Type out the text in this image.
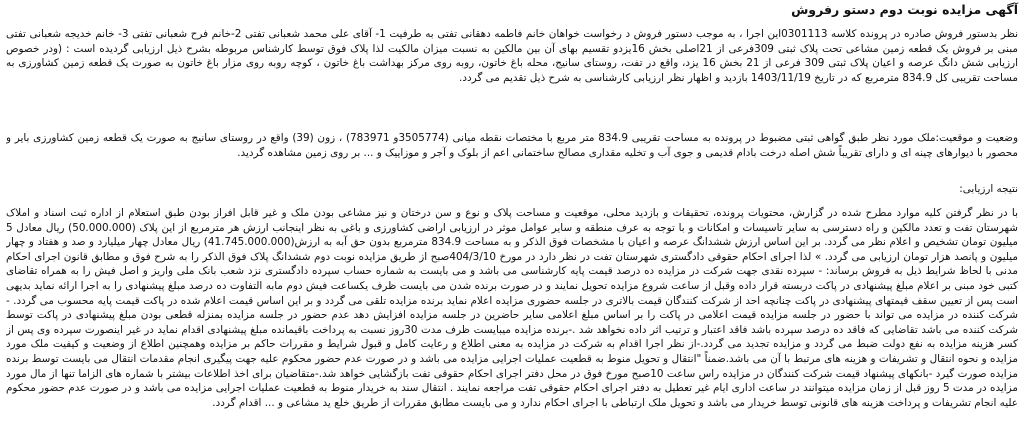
آگهی مزایده نوبت دوم دستو رفروش
نظر بدستور فروش صادره در پرونده کلاسه 0301113این اجرا ، به موجب دستور فروش د رخواست خواهان خانم فاطمه دهقانی تفتی به طرفیت 1- آقای علی محمد شعبانی تفتی 2-خانم فرح شعبانی تفتی 3- خانم خدیجه شعبانی تفتی مبنی بر فروش یک قطعه زمین مشاعی تحت پلاک ثبتی 309فرعی از 21اصلی بخش 16یزدو تقسیم بهای آن بین مالکین به نسبت میزان مالکیت لذا پلاک فوق توسط کارشناس مربوطه بشرح ذیل ارزیابی گردیده است : (ودر خصوص ارزیابی شش دانگ عرصه و اعیان پلاک ثبتی 309 فرعی از 21 بخش 16 یزد، واقع در تفت، روستای سانیج، محله باغ خاتون، روبه روی مرکز بهداشت باغ خاتون ، کوچه روبه روی مزار باغ خاتون به صورت یک قطعه زمین کشاورزی به مساحت تقریبی کل 834.9 مترمربع که در تاریخ 1403/11/19 بازدید و اظهار نظر ارزیابی کارشناسی به شرح ذیل تقدیم می گردد.
وضعیت و موقعیت:ملک مورد نظر طبق گواهی ثبتی مضبوط در پرونده به مساحت تقریبی 834.9 متر مربع با مختصات نقطه میانی (3505774و 783971) ، زون (39) واقع در روستای سانیج به صورت یک قطعه زمین کشاورزی بایر و محصور با دیوارهای چینه ای و دارای تقریباً شش اصله درخت بادام قدیمی و جوی آب و تخلیه مقداری مصالح ساختمانی اعم از بلوک و آجر و موزاییک و ... بر روی زمین مشاهده گردید.
نتیجه ارزیابی:
با در نظر گرفتن کلیه موارد مطرح شده در گزارش، محتویات پرونده، تحقیقات و بازدید محلی، موقعیت و مساحت پلاک و نوع و سن درختان و نیز مشاعی بودن ملک و غیر قابل افراز بودن طبق استعلام از اداره ثبت اسناد و املاک شهرستان تفت و تعدد مالکین و راه دسترسی به سایر تاسیسات و امکانات و با توجه به عرف منطقه و سایر عوامل موثر در ارزیابی اراضی کشاورزی و باغی به نظر اینجانب ارزش هر مترمربع از این پلاک (50.000.000) ریال معادل 5 میلیون تومان تشخیص و اعلام نظر می گردد. بر این اساس ارزش ششدانگ عرصه و اعیان با مشخصات فوق الذکر و به مساحت 834.9 مترمربع بدون حق آبه به ارزش(41.745.000.000) ریال معادل چهار میلیارد و صد و هفتاد و چهار میلیون و پانصد هزار تومان ارزیابی می گردد. » لذا اجرای احکام حقوقی دادگستری شهرستان تفت در نظر دارد در مورخ 404/3/10صبح از طریق مزایده نوبت دوم ششدانگ پلاک فوق الذکر را به شرح فوق و مطابق قانون اجرای احکام مدنی با لحاظ شرایط ذیل به فروش برساند: - سپرده نقدی جهت شرکت در مزایده ده درصد قیمت پایه کارشناسی می باشد و می بایست به شماره حساب سپرده دادگستری نزد شعب بانک ملی واریز و اصل فیش را به همراه تقاضای کتبی خود مبنی بر اعلام مبلغ پیشنهادی در پاکت دربسته قرار داده وقبل از ساعت شروع مزایده تحویل نمایند و در صورت برنده شدن می بایست ظرف یکساعت فیش دوم مابه التفاوت ده درصد مبلغ پیشنهادی را به اجرا ارائه نماید بدیهی است پس از تعیین سقف قیمتهای پیشنهادی در پاکت چنانچه احد از شرکت کنندگان قیمت بالاتری در جلسه حضوری مزایده اعلام نماید برنده مزایده تلقی می گردد و بر این اساس قیمت اعلام شده در پاکت قیمت پایه محسوب می گردد. - شرکت کننده در مزایده می تواند با حضور در جلسه مزایده قیمت اعلامی در پاکت را بر اساس مبلغ اعلامی سایر حاضرین در جلسه مزایده افزایش دهد عدم حضور در جلسه مزایده بمنزله قطعی بودن مبلغ پیشنهادی در پاکت توسط شرکت کننده می باشد تقاضایی که فاقد ده درصد سپرده باشد فاقد اعتبار و ترتیب اثر داده نخواهد شد .-برنده مزایده میبایست ظرف مدت 30روز نسبت به پرداخت باقیمانده مبلغ پیشنهادی اقدام نماید در غیر اینصورت سپرده وی پس از کسر هزینه مزایده به نفع دولت ضبط می گردد و مزایده تجدید می گردد.-از نظر اجرا اقدام به شرکت در مزایده به معنی اطلاع و رعایت کامل و قبول شرایط و مقررات حاکم بر مزایده وهمچنین اطلاع از وضعیت و کیفیت ملک مورد مزایده و نحوه انتقال و تشریفات و هزینه های مرتبط با آن می باشد.ضمناً "انتقال و تحویل منوط به قطعیت عملیات اجرایی مزایده می باشد و در صورت عدم حضور محکوم علیه جهت پیگیری انجام مقدمات انتقال می بایست توسط برنده مزایده صورت گیرد -بانکهای پیشنهاد قیمت شرکت کنندگان در مزایده راس ساعت 10صبح مورخ فوق در محل دفتر اجرای احکام حقوقی تفت بازگشایی خواهد شد.-متقاضیان برای اخذ اطلاعات بیشتر با شماره های الزاما تنها از مال مورد مزایده در مدت 5 روز قبل از زمان مزایده میتوانند در ساعت اداری ایام غیر تعطیل به دفتر اجرای احکام حقوقی تفت مراجعه نمایند . انتقال سند به خریدار منوط به قطعیت عملیات اجرایی مزایده می باشد و در صورت عدم حضور محکوم علیه انجام تشریفات و پرداخت هزینه های قانونی توسط خریدار می باشد و تحویل ملک ارتباطی با اجرای احکام ندارد و می بایست مطابق مقررات از طریق خلع ید مشاعی و ... اقدام گردد.
